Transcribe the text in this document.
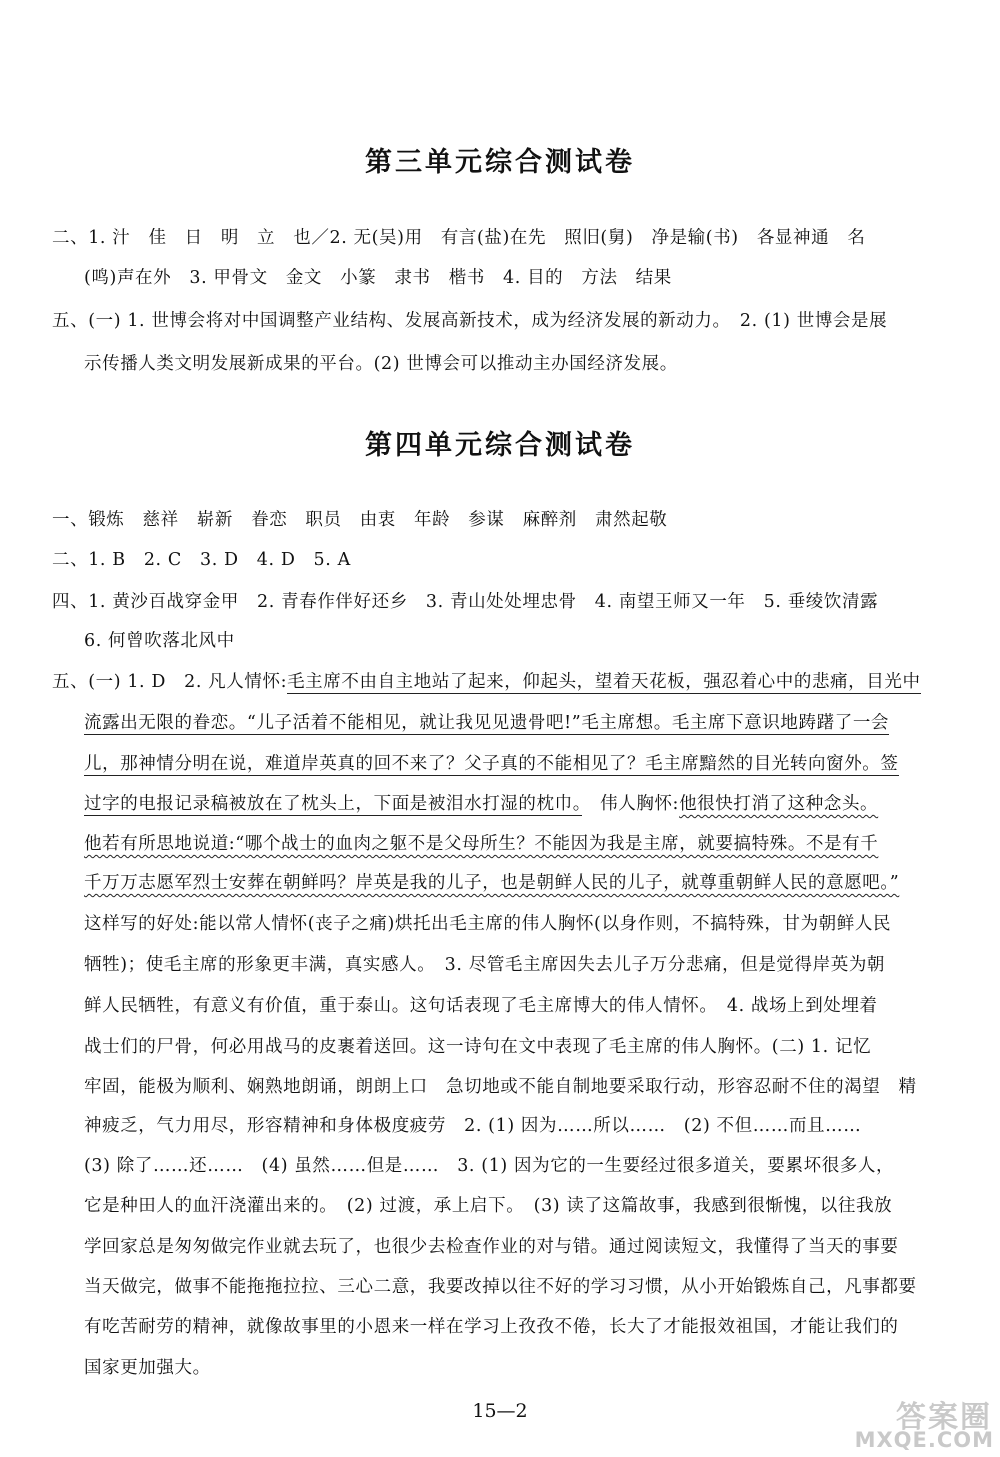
第三单元综合测试卷
二、1. 汁　佳　日　明　立　也／2. 无(吴)用　有言(盐)在先　照旧(舅)　净是输(书)　各显神通　名
(鸣)声在外　3. 甲骨文　金文　小篆　隶书　楷书　4. 目的　方法　结果
五、(一) 1. 世博会将对中国调整产业结构、发展高新技术，成为经济发展的新动力。　2. (1) 世博会是展
示传播人类文明发展新成果的平台。(2) 世博会可以推动主办国经济发展。
第四单元综合测试卷
一、锻炼　慈祥　崭新　眷恋　职员　由衷　年龄　参谋　麻醉剂　肃然起敬
二、1. B　2. C　3. D　4. D　5. A
四、1. 黄沙百战穿金甲　2. 青春作伴好还乡　3. 青山处处埋忠骨　4. 南望王师又一年　5. 垂绫饮清露
6. 何曾吹落北风中
五、(一) 1. D　2. 凡人情怀:毛主席不由自主地站了起来，仰起头，望着天花板，强忍着心中的悲痛，目光中
流露出无限的眷恋。“儿子活着不能相见，就让我见见遗骨吧!”毛主席想。毛主席下意识地踌躇了一会
儿，那神情分明在说，难道岸英真的回不来了？父子真的不能相见了？毛主席黯然的目光转向窗外。签
过字的电报记录稿被放在了枕头上，下面是被泪水打湿的枕巾。　伟人胸怀:他很快打消了这种念头。
他若有所思地说道:“哪个战士的血肉之躯不是父母所生？不能因为我是主席，就要搞特殊。不是有千
千万万志愿军烈士安葬在朝鲜吗？岸英是我的儿子，也是朝鲜人民的儿子，就尊重朝鲜人民的意愿吧。”
这样写的好处:能以常人情怀(丧子之痛)烘托出毛主席的伟人胸怀(以身作则，不搞特殊，甘为朝鲜人民
牺牲)；使毛主席的形象更丰满，真实感人。　3. 尽管毛主席因失去儿子万分悲痛，但是觉得岸英为朝
鲜人民牺牲，有意义有价值，重于泰山。这句话表现了毛主席博大的伟人情怀。　4. 战场上到处埋着
战士们的尸骨，何必用战马的皮裹着送回。这一诗句在文中表现了毛主席的伟人胸怀。(二) 1. 记忆
牢固，能极为顺利、娴熟地朗诵，朗朗上口　急切地或不能自制地要采取行动，形容忍耐不住的渴望　精
神疲乏，气力用尽，形容精神和身体极度疲劳　2. (1) 因为……所以……　(2) 不但……而且……
(3) 除了……还……　(4) 虽然……但是……　3. (1) 因为它的一生要经过很多道关，要累坏很多人，
它是种田人的血汗浇灌出来的。　(2) 过渡，承上启下。　(3) 读了这篇故事，我感到很惭愧，以往我放
学回家总是匆匆做完作业就去玩了，也很少去检查作业的对与错。通过阅读短文，我懂得了当天的事要
当天做完，做事不能拖拖拉拉、三心二意，我要改掉以往不好的学习习惯，从小开始锻炼自己，凡事都要
有吃苦耐劳的精神，就像故事里的小恩来一样在学习上孜孜不倦，长大了才能报效祖国，才能让我们的
国家更加强大。
15—2	答案圈
MXQE.COM
